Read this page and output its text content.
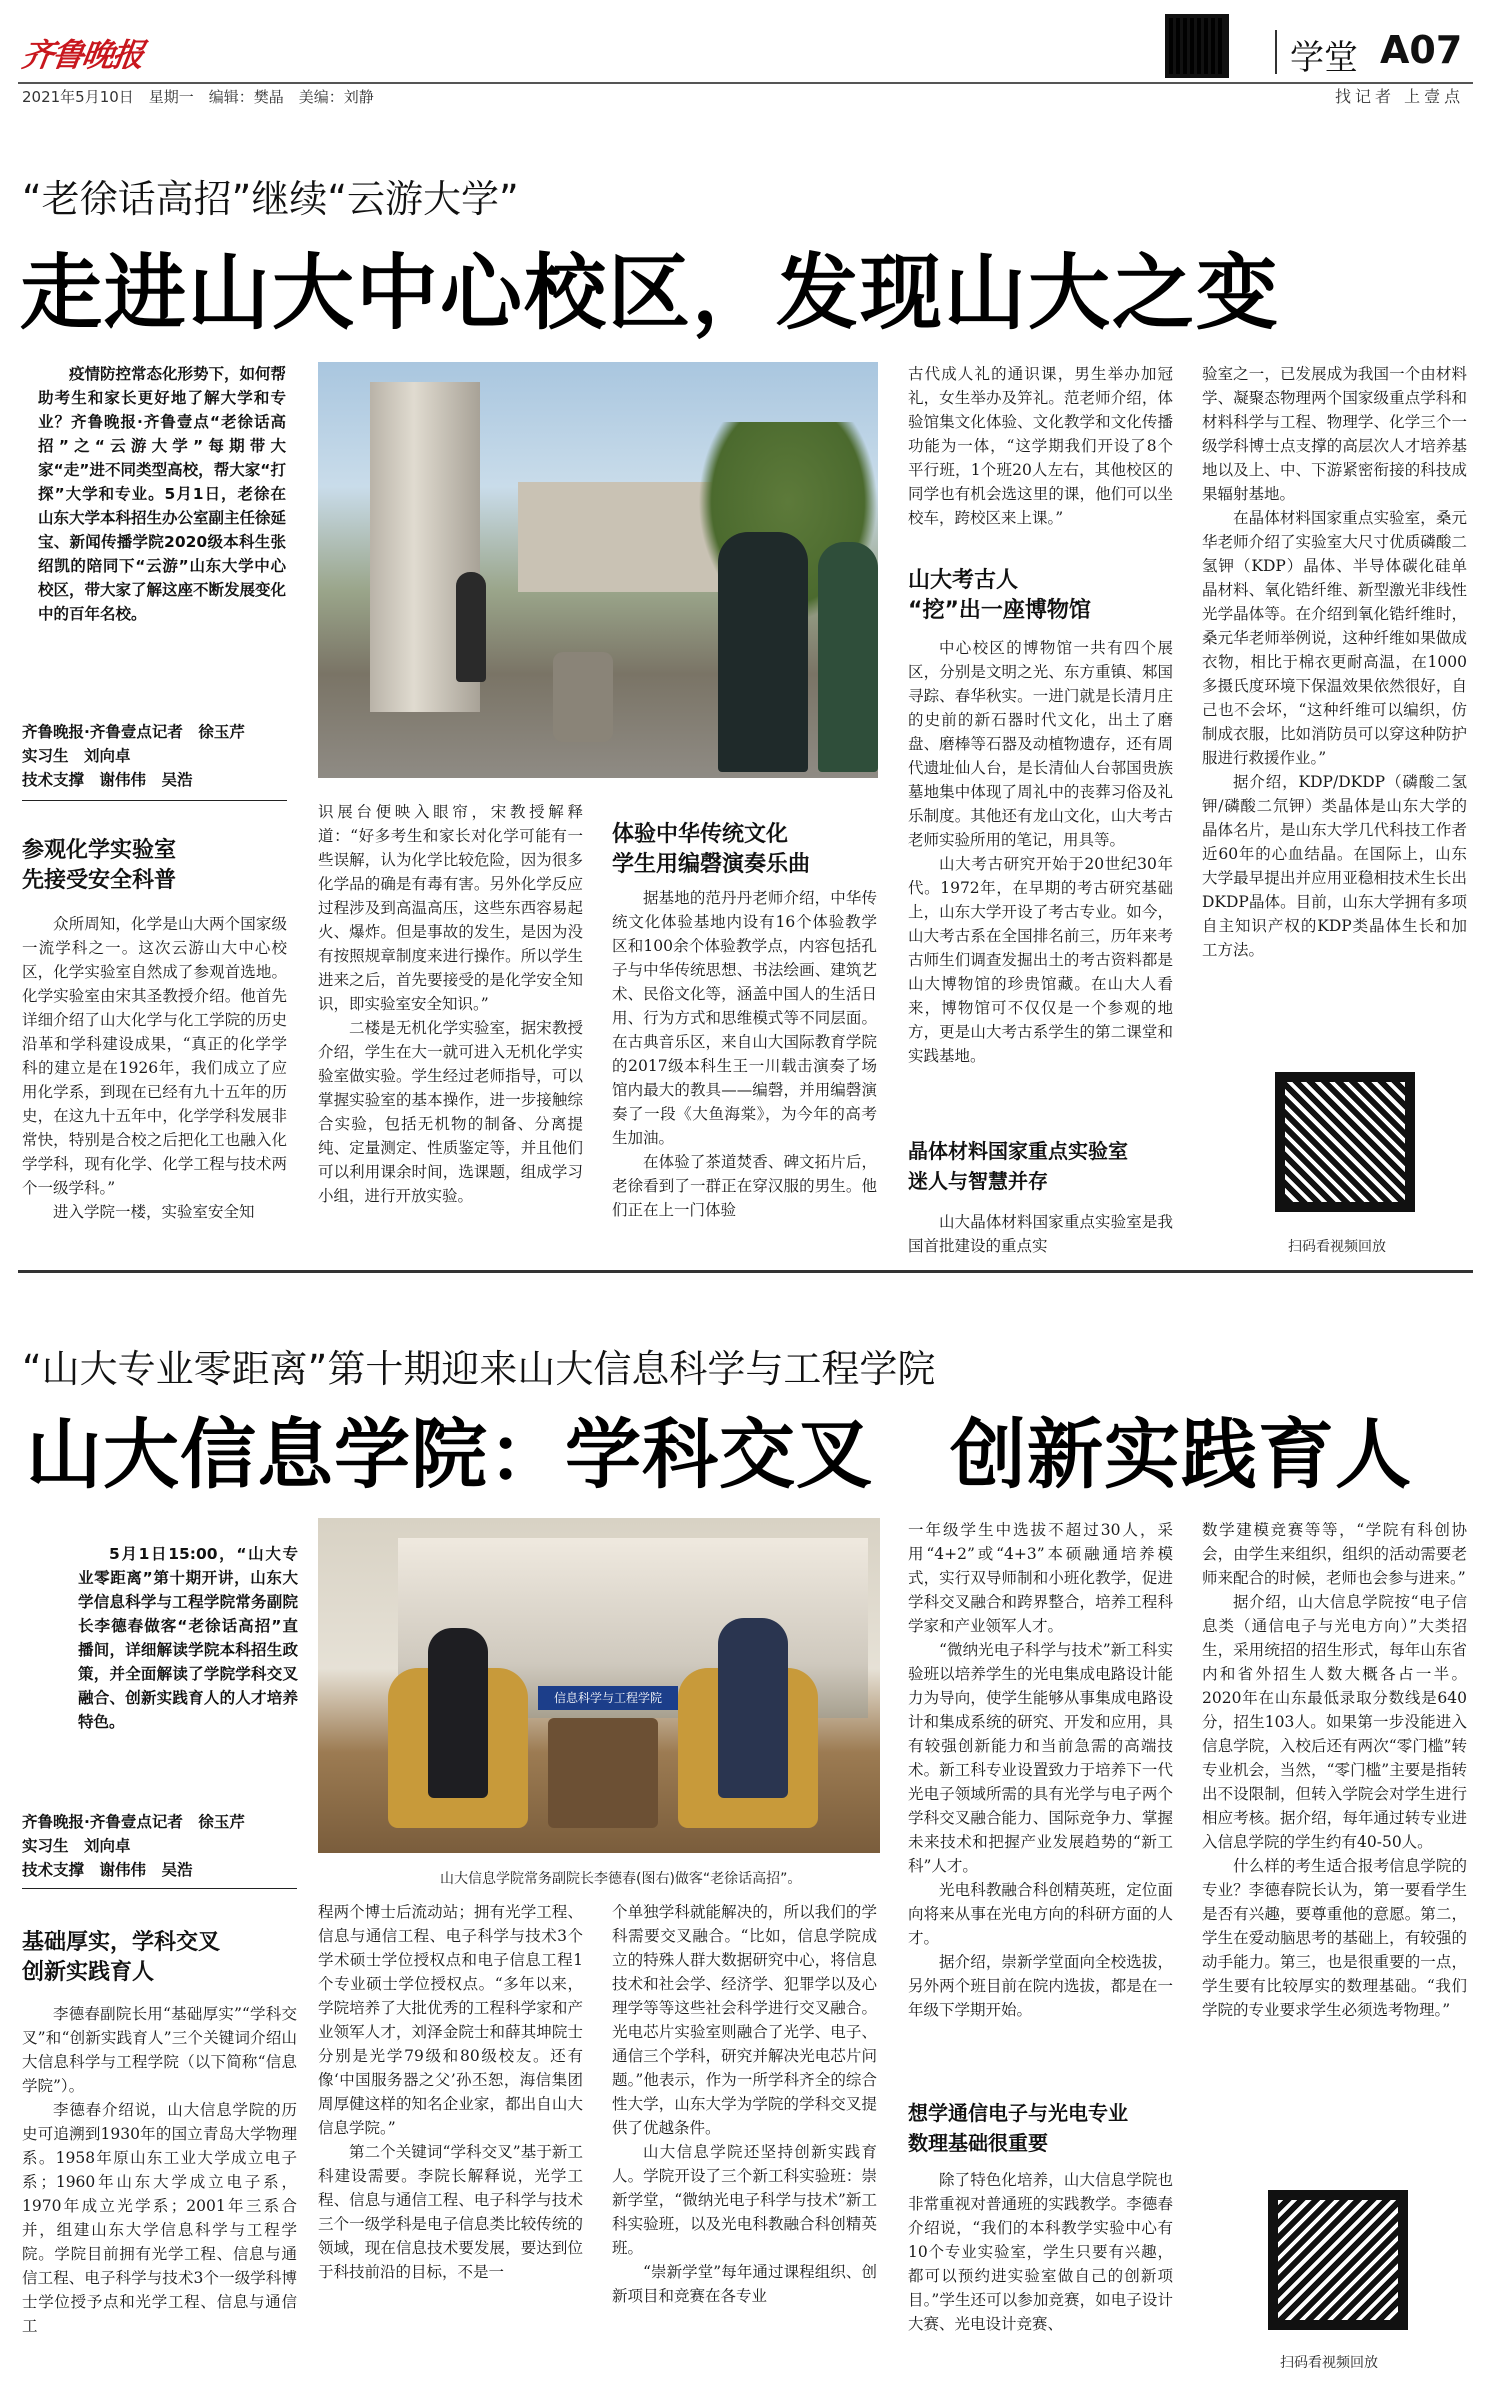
齐鲁晚报
2021年5月10日　星期一　编辑：樊晶　美编：刘静
学堂 A07
找记者 上壹点
“老徐话高招”继续“云游大学”
走进山大中心校区，发现山大之变
疫情防控常态化形势下，如何帮助考生和家长更好地了解大学和专业？齐鲁晚报·齐鲁壹点“老徐话高招”之“云游大学”每期带大家“走”进不同类型高校，帮大家“打探”大学和专业。5月1日，老徐在山东大学本科招生办公室副主任徐延宝、新闻传播学院2020级本科生张绍凯的陪同下“云游”山东大学中心校区，带大家了解这座不断发展变化中的百年名校。
齐鲁晚报·齐鲁壹点记者　徐玉芹
实习生　刘向卓
技术支撑　谢伟伟　吴浩
参观化学实验室
先接受安全科普

众所周知，化学是山大两个国家级一流学科之一。这次云游山大中心校区，化学实验室自然成了参观首选地。化学实验室由宋其圣教授介绍。他首先详细介绍了山大化学与化工学院的历史沿革和学科建设成果，“真正的化学学科的建立是在1926年，我们成立了应用化学系，到现在已经有九十五年的历史，在这九十五年中，化学学科发展非常快，特别是合校之后把化工也融入化学学科，现有化学、化学工程与技术两个一级学科。”

进入学院一楼，实验室安全知

识展台便映入眼帘，宋教授解释道：“好多考生和家长对化学可能有一些误解，认为化学比较危险，因为很多化学品的确是有毒有害。另外化学反应过程涉及到高温高压，这些东西容易起火、爆炸。但是事故的发生，是因为没有按照规章制度来进行操作。所以学生进来之后，首先要接受的是化学安全知识，即实验室安全知识。”

二楼是无机化学实验室，据宋教授介绍，学生在大一就可进入无机化学实验室做实验。学生经过老师指导，可以掌握实验室的基本操作，进一步接触综合实验，包括无机物的制备、分离提纯、定量测定、性质鉴定等，并且他们可以利用课余时间，选课题，组成学习小组，进行开放实验。

体验中华传统文化
学生用编磬演奏乐曲

据基地的范丹丹老师介绍，中华传统文化体验基地内设有16个体验教学区和100余个体验教学点，内容包括孔子与中华传统思想、书法绘画、建筑艺术、民俗文化等，涵盖中国人的生活日用、行为方式和思维模式等不同层面。在古典音乐区，来自山大国际教育学院的2017级本科生王一川载击演奏了场馆内最大的教具——编磬，并用编磬演奏了一段《大鱼海棠》，为今年的高考生加油。

在体验了茶道焚香、碑文拓片后，老徐看到了一群正在穿汉服的男生。他们正在上一门体验

古代成人礼的通识课，男生举办加冠礼，女生举办及笄礼。范老师介绍，体验馆集文化体验、文化教学和文化传播功能为一体，“这学期我们开设了8个平行班，1个班20人左右，其他校区的同学也有机会选这里的课，他们可以坐校车，跨校区来上课。”

山大考古人
“挖”出一座博物馆

中心校区的博物馆一共有四个展区，分别是文明之光、东方重镇、邾国寻踪、春华秋实。一进门就是长清月庄的史前的新石器时代文化，出土了磨盘、磨棒等石器及动植物遗存，还有周代遗址仙人台，是长清仙人台邿国贵族墓地集中体现了周礼中的丧葬习俗及礼乐制度。其他还有龙山文化，山大考古老师实验所用的笔记，用具等。

山大考古研究开始于20世纪30年代。1972年，在早期的考古研究基础上，山东大学开设了考古专业。如今，山大考古系在全国排名前三，历年来考古师生们调查发掘出土的考古资料都是山大博物馆的珍贵馆藏。在山大人看来，博物馆可不仅仅是一个参观的地方，更是山大考古系学生的第二课堂和实践基地。

晶体材料国家重点实验室
迷人与智慧并存

山大晶体材料国家重点实验室是我国首批建设的重点实

验室之一，已发展成为我国一个由材料学、凝聚态物理两个国家级重点学科和材料科学与工程、物理学、化学三个一级学科博士点支撑的高层次人才培养基地以及上、中、下游紧密衔接的科技成果辐射基地。

在晶体材料国家重点实验室，桑元华老师介绍了实验室大尺寸优质磷酸二氢钾（KDP）晶体、半导体碳化硅单晶材料、氧化锆纤维、新型激光非线性光学晶体等。在介绍到氧化锆纤维时，桑元华老师举例说，这种纤维如果做成衣物，相比于棉衣更耐高温，在1000多摄氏度环境下保温效果依然很好，自己也不会坏，“这种纤维可以编织，仿制成衣服，比如消防员可以穿这种防护服进行救援作业。”

据介绍，KDP/DKDP（磷酸二氢钾/磷酸二氘钾）类晶体是山东大学的晶体名片，是山东大学几代科技工作者近60年的心血结晶。在国际上，山东大学最早提出并应用亚稳相技术生长出DKDP晶体。目前，山东大学拥有多项自主知识产权的KDP类晶体生长和加工方法。

扫码看视频回放
“山大专业零距离”第十期迎来山大信息科学与工程学院
山大信息学院：学科交叉　创新实践育人
5月1日15:00，“山大专业零距离”第十期开讲，山东大学信息科学与工程学院常务副院长李德春做客“老徐话高招”直播间，详细解读学院本科招生政策，并全面解读了学院学科交叉融合、创新实践育人的人才培养特色。
齐鲁晚报·齐鲁壹点记者　徐玉芹
实习生　刘向卓
技术支撑　谢伟伟　吴浩
信息科学与工程学院
山大信息学院常务副院长李德春(图右)做客“老徐话高招”。
基础厚实，学科交叉
创新实践育人

李德春副院长用“基础厚实”“学科交叉”和“创新实践育人”三个关键词介绍山大信息科学与工程学院（以下简称“信息学院”）。

李德春介绍说，山大信息学院的历史可追溯到1930年的国立青岛大学物理系。1958年原山东工业大学成立电子系；1960年山东大学成立电子系，1970年成立光学系；2001年三系合并，组建山东大学信息科学与工程学院。学院目前拥有光学工程、信息与通信工程、电子科学与技术3个一级学科博士学位授予点和光学工程、信息与通信工

程两个博士后流动站；拥有光学工程、信息与通信工程、电子科学与技术3个学术硕士学位授权点和电子信息工程1个专业硕士学位授权点。“多年以来，学院培养了大批优秀的工程科学家和产业领军人才，刘泽金院士和薛其坤院士分别是光学79级和80级校友。还有像‘中国服务器之父’孙丕恕，海信集团周厚健这样的知名企业家，都出自山大信息学院。”

第二个关键词“学科交叉”基于新工科建设需要。李院长解释说，光学工程、信息与通信工程、电子科学与技术三个一级学科是电子信息类比较传统的领域，现在信息技术要发展，要达到位于科技前沿的目标，不是一

个单独学科就能解决的，所以我们的学科需要交叉融合。“比如，信息学院成立的特殊人群大数据研究中心，将信息技术和社会学、经济学、犯罪学以及心理学等等这些社会科学进行交叉融合。光电芯片实验室则融合了光学、电子、通信三个学科，研究并解决光电芯片问题。”他表示，作为一所学科齐全的综合性大学，山东大学为学院的学科交叉提供了优越条件。

山大信息学院还坚持创新实践育人。学院开设了三个新工科实验班：崇新学堂，“微纳光电子科学与技术”新工科实验班，以及光电科教融合科创精英班。

“崇新学堂”每年通过课程组织、创新项目和竞赛在各专业

一年级学生中选拔不超过30人，采用“4+2”或“4+3”本硕融通培养模式，实行双导师制和小班化教学，促进学科交叉融合和跨界整合，培养工程科学家和产业领军人才。

“微纳光电子科学与技术”新工科实验班以培养学生的光电集成电路设计能力为导向，使学生能够从事集成电路设计和集成系统的研究、开发和应用，具有较强创新能力和当前急需的高端技术。新工科专业设置致力于培养下一代光电子领域所需的具有光学与电子两个学科交叉融合能力、国际竞争力、掌握未来技术和把握产业发展趋势的“新工科”人才。

光电科教融合科创精英班，定位面向将来从事在光电方向的科研方面的人才。

据介绍，崇新学堂面向全校选拔，另外两个班目前在院内选拔，都是在一年级下学期开始。

想学通信电子与光电专业
数理基础很重要

除了特色化培养，山大信息学院也非常重视对普通班的实践教学。李德春介绍说，“我们的本科教学实验中心有10个专业实验室，学生只要有兴趣，都可以预约进实验室做自己的创新项目。”学生还可以参加竞赛，如电子设计大赛、光电设计竞赛、

数学建模竞赛等等，“学院有科创协会，由学生来组织，组织的活动需要老师来配合的时候，老师也会参与进来。”

据介绍，山大信息学院按“电子信息类（通信电子与光电方向）”大类招生，采用统招的招生形式，每年山东省内和省外招生人数大概各占一半。2020年在山东最低录取分数线是640分，招生103人。如果第一步没能进入信息学院，入校后还有两次“零门槛”转专业机会，当然，“零门槛”主要是指转出不设限制，但转入学院会对学生进行相应考核。据介绍，每年通过转专业进入信息学院的学生约有40-50人。

什么样的考生适合报考信息学院的专业？李德春院长认为，第一要看学生是否有兴趣，要尊重他的意愿。第二，学生在爱动脑思考的基础上，有较强的动手能力。第三，也是很重要的一点，学生要有比较厚实的数理基础。“我们学院的专业要求学生必须选考物理。”

扫码看视频回放
